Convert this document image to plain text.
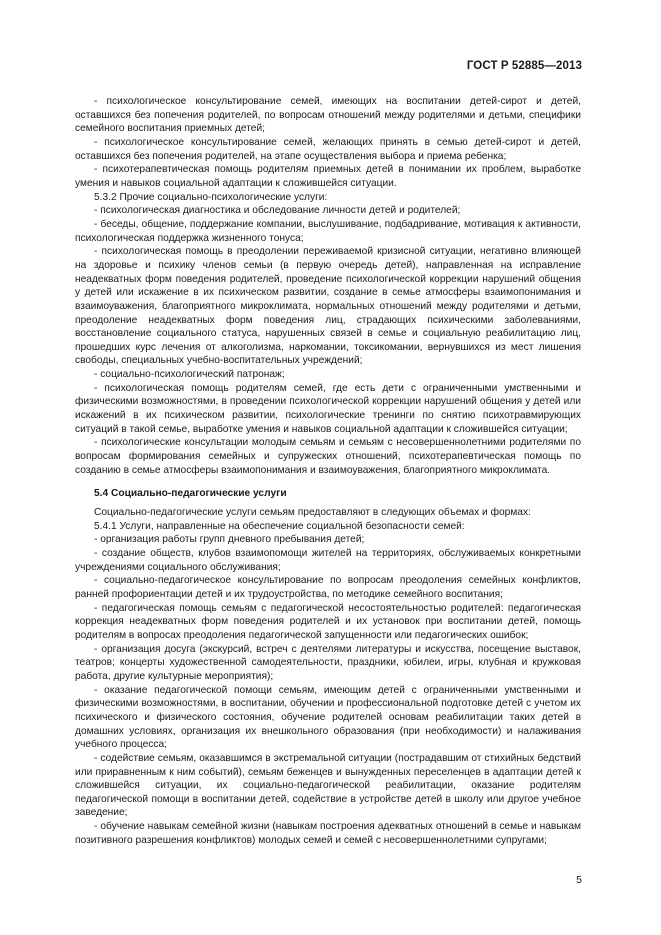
ГОСТ Р 52885—2013

- психологическое консультирование семей, имеющих на воспитании детей-сирот и детей, оставшихся без попечения родителей, по вопросам отношений между родителями и детьми, специфики семейного воспитания приемных детей;

- психологическое консультирование семей, желающих принять в семью детей-сирот и детей, оставшихся без попечения родителей, на этапе осуществления выбора и приема ребенка;

- психотерапевтическая помощь родителям приемных детей в понимании их проблем, выработке умения и навыков социальной адаптации к сложившейся ситуации.

5.3.2 Прочие социально-психологические услуги:

- психологическая диагностика и обследование личности детей и родителей;

- беседы, общение, поддержание компании, выслушивание, подбадривание, мотивация к активности, психологическая поддержка жизненного тонуса;

- психологическая помощь в преодолении переживаемой кризисной ситуации, негативно влияющей на здоровье и психику членов семьи (в первую очередь детей), направленная на исправление неадекватных форм поведения родителей, проведение психологической коррекции нарушений общения у детей или искажение в их психическом развитии, создание в семье атмосферы взаимопонимания и взаимоуважения, благоприятного микроклимата, нормальных отношений между родителями и детьми, преодоление неадекватных форм поведения лиц, страдающих психическими заболеваниями, восстановление социального статуса, нарушенных связей в семье и социальную реабилитацию лиц, прошедших курс лечения от алкоголизма, наркомании, токсикомании, вернувшихся из мест лишения свободы, специальных учебно-воспитательных учреждений;

- социально-психологический патронаж;

- психологическая помощь родителям семей, где есть дети с ограниченными умственными и физическими возможностями, в проведении психологической коррекции нарушений общения у детей или искажений в их психическом развитии, психологические тренинги по снятию психотравмирующих ситуаций в такой семье, выработке умения и навыков социальной адаптации к сложившейся ситуации;

- психологические консультации молодым семьям и семьям с несовершеннолетними родителями по вопросам формирования семейных и супружеских отношений, психотерапевтическая помощь по созданию в семье атмосферы взаимопонимания и взаимоуважения, благоприятного микроклимата.

5.4 Социально-педагогические услуги

Социально-педагогические услуги семьям предоставляют в следующих объемах и формах:

5.4.1 Услуги, направленные на обеспечение социальной безопасности семей:

- организация работы групп дневного пребывания детей;

- создание обществ, клубов взаимопомощи жителей на территориях, обслуживаемых конкретными учреждениями социального обслуживания;

- социально-педагогическое консультирование по вопросам преодоления семейных конфликтов, ранней профориентации детей и их трудоустройства, по методике семейного воспитания;

- педагогическая помощь семьям с педагогической несостоятельностью родителей: педагогическая коррекция неадекватных форм поведения родителей и их установок при воспитании детей, помощь родителям в вопросах преодоления педагогической запущенности или педагогических ошибок;

- организация досуга (экскурсий, встреч с деятелями литературы и искусства, посещение выставок, театров; концерты художественной самодеятельности, праздники, юбилеи, игры, клубная и кружковая работа, другие культурные мероприятия);

- оказание педагогической помощи семьям, имеющим детей с ограниченными умственными и физическими возможностями, в воспитании, обучении и профессиональной подготовке детей с учетом их психического и физического состояния, обучение родителей основам реабилитации таких детей в домашних условиях, организация их внешкольного образования (при необходимости) и налаживания учебного процесса;

- содействие семьям, оказавшимся в экстремальной ситуации (пострадавшим от стихийных бедствий или приравненным к ним событий), семьям беженцев и вынужденных переселенцев в адаптации детей к сложившейся ситуации, их социально-педагогической реабилитации, оказание родителям педагогической помощи в воспитании детей, содействие в устройстве детей в школу или другое учебное заведение;

- обучение навыкам семейной жизни (навыкам построения адекватных отношений в семье и навыкам позитивного разрешения конфликтов) молодых семей и семей с несовершеннолетними супругами;

5
